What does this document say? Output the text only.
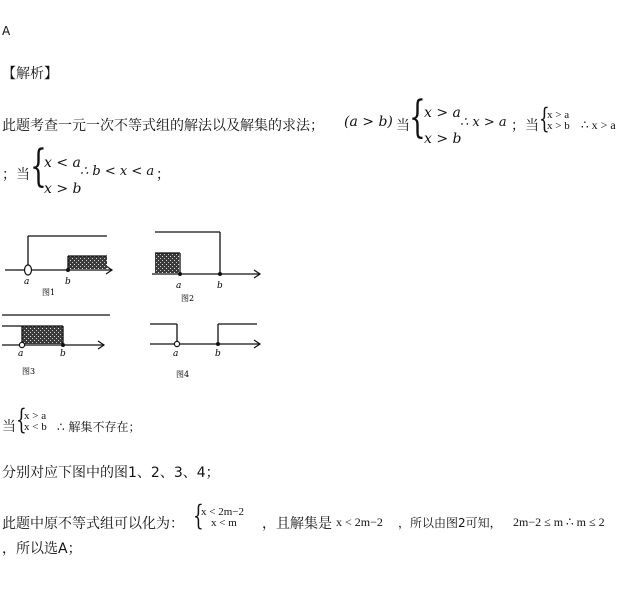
A
【解析】
此题考查一元一次不等式组的解法以及解集的求法； (a > b) 当 {
x > a
x > b
∴ x > a ；当 {
x > a
x > b ∴ x > a
；当 {
x < a
x > b
∴ b < x < a ；
a	b
图1
a	b
图2
a	b
图3
a	b
图4
当 {
x > a
x < b ∴ 解集不存在；
分别对应下图中的图1、2、3、4；
此题中原不等式组可以化为： {
x < 2m−2
x < m	，且解集是 x < 2m−2 ，所以由图2可知， 2m−2 ≤ m ∴ m ≤ 2
，所以选A；
